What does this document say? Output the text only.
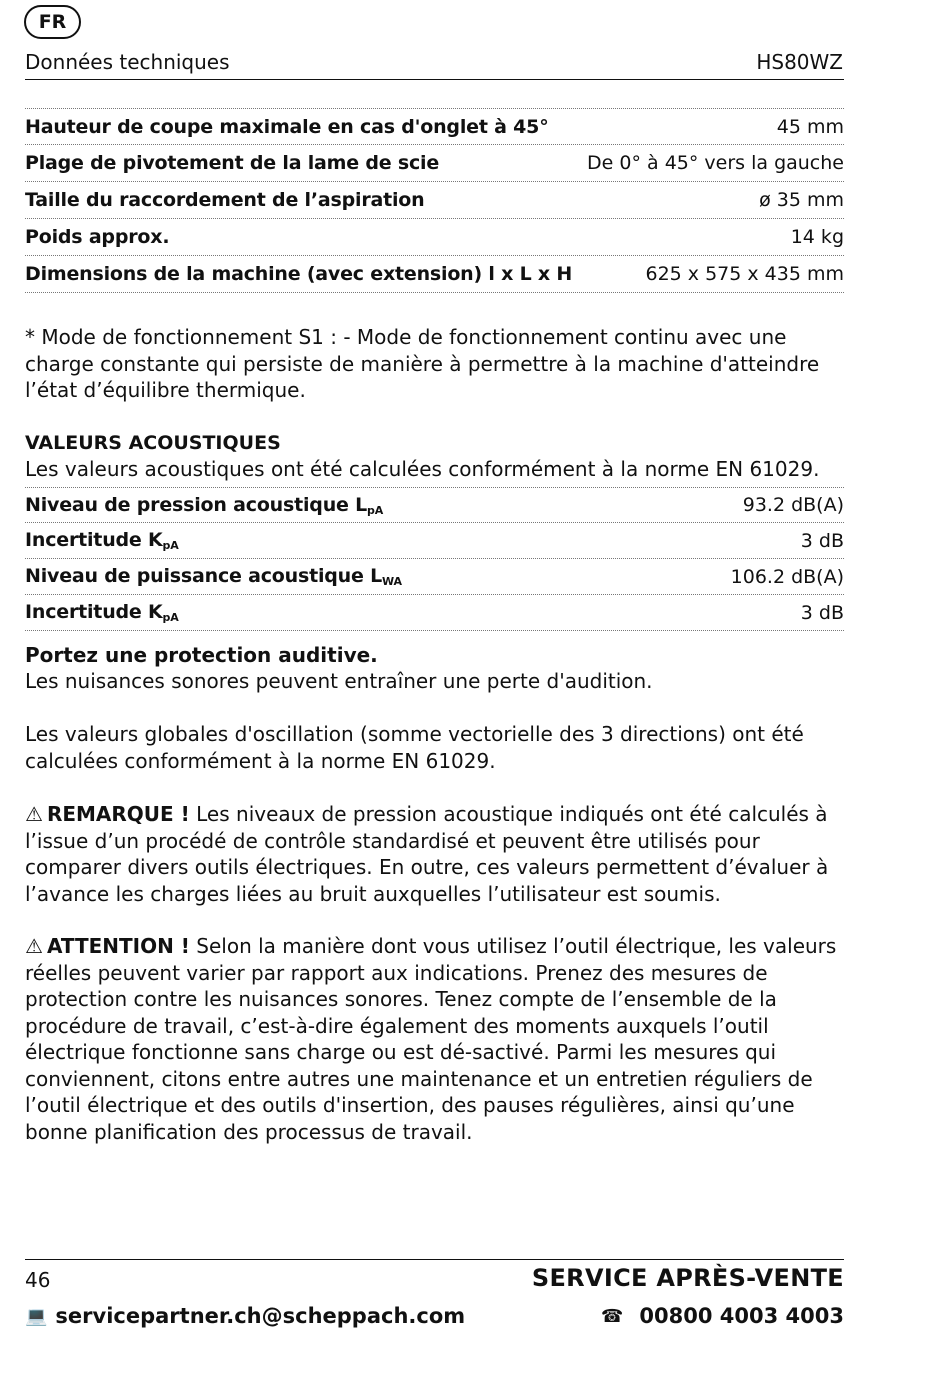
FR
Données techniques	HS80WZ
Hauteur de coupe maximale en cas d'onglet à 45°	45 mm
Plage de pivotement de la lame de scie	De 0° à 45° vers la gauche
Taille du raccordement de l’aspiration	ø 35 mm
Poids approx.	14 kg
Dimensions de la machine (avec extension) l x L x H	625 x 575 x 435 mm
* Mode de fonctionnement S1 : - Mode de fonctionnement continu avec une charge constante qui persiste de manière à permettre à la machine d'atteindre l’état d’équilibre thermique.
VALEURS ACOUSTIQUES
Les valeurs acoustiques ont été calculées conformément à la norme EN 61029.
Niveau de pression acoustique $L_{pA}$	93.2 dB(A)
Incertitude $K_{pA}$	3 dB
Niveau de puissance acoustique $L_{WA}$	106.2 dB(A)
Incertitude $K_{pA}$	3 dB
Portez une protection auditive.
Les nuisances sonores peuvent entraîner une perte d'audition.
Les valeurs globales d'oscillation (somme vectorielle des 3 directions) ont été calculées conformément à la norme EN 61029.
⚠ REMARQUE ! Les niveaux de pression acoustique indiqués ont été calculés à l’issue d’un procédé de contrôle standardisé et peuvent être utilisés pour comparer divers outils électriques. En outre, ces valeurs permettent d’évaluer à l’avance les charges liées au bruit auxquelles l’utilisateur est soumis.
⚠ ATTENTION ! Selon la manière dont vous utilisez l’outil électrique, les valeurs réelles peuvent varier par rapport aux indications. Prenez des mesures de protection contre les nuisances sonores. Tenez compte de l’ensemble de la procédure de travail, c’est-à-dire également des moments auxquels l’outil électrique fonctionne sans charge ou est dé-sactivé. Parmi les mesures qui conviennent, citons entre autres une maintenance et un entretien réguliers de l’outil électrique et des outils d'insertion, des pauses régulières, ainsi qu’une bonne planification des processus de travail.
46	SERVICE APRÈS-VENTE
💻 servicepartner.ch@scheppach.com	☎ 00800 4003 4003
